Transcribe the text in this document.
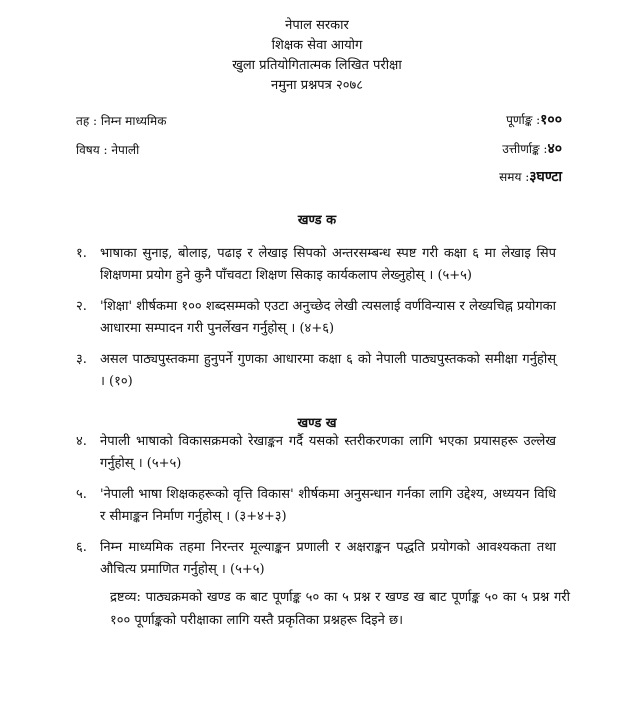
नेपाल सरकार
शिक्षक सेवा आयोग
खुला प्रतियोगितात्मक लिखित परीक्षा
नमुना प्रश्नपत्र २०७८
तह : निम्न माध्यमिक	पूर्णाङ्क :१००
विषय : नेपाली	उत्तीर्णाङ्क :४०
समय :३घण्टा
खण्ड क
१.	भाषाका सुनाइ, बोलाइ, पढाइ र लेखाइ सिपको अन्तरसम्बन्ध स्पष्ट गरी कक्षा ६ मा लेखाइ सिप शिक्षणमा प्रयोग हुने कुनै पाँचवटा शिक्षण सिकाइ कार्यकलाप लेख्नुहोस् । (५+५)
२.	'शिक्षा' शीर्षकमा १०० शब्दसम्मको एउटा अनुच्छेद लेखी त्यसलाई वर्णविन्यास र लेख्यचिह्न प्रयोगका आधारमा सम्पादन गरी पुनर्लेखन गर्नुहोस् । (४+६)
३.	असल पाठ्यपुस्तकमा हुनुपर्ने गुणका आधारमा कक्षा ६ को नेपाली पाठ्यपुस्तकको समीक्षा गर्नुहोस् । (१०)
खण्ड ख
४.	नेपाली भाषाको विकासक्रमको रेखाङ्कन गर्दै यसको स्तरीकरणका लागि भएका प्रयासहरू उल्लेख गर्नुहोस् । (५+५)
५.	'नेपाली भाषा शिक्षकहरूको वृत्ति विकास' शीर्षकमा अनुसन्धान गर्नका लागि उद्देश्य, अध्ययन विधि र सीमाङ्कन निर्माण गर्नुहोस् । (३+४+३)
६.	निम्न माध्यमिक तहमा निरन्तर मूल्याङ्कन प्रणाली र अक्षराङ्कन पद्धति प्रयोगको आवश्यकता तथा औचित्य प्रमाणित गर्नुहोस् । (५+५)
द्रष्टव्य: पाठ्यक्रमको खण्ड क बाट पूर्णाङ्क ५० का ५ प्रश्न र खण्ड ख बाट पूर्णाङ्क ५० का ५ प्रश्न गरी १०० पूर्णाङ्कको परीक्षाका लागि यस्तै प्रकृतिका प्रश्नहरू दिइने छ।
